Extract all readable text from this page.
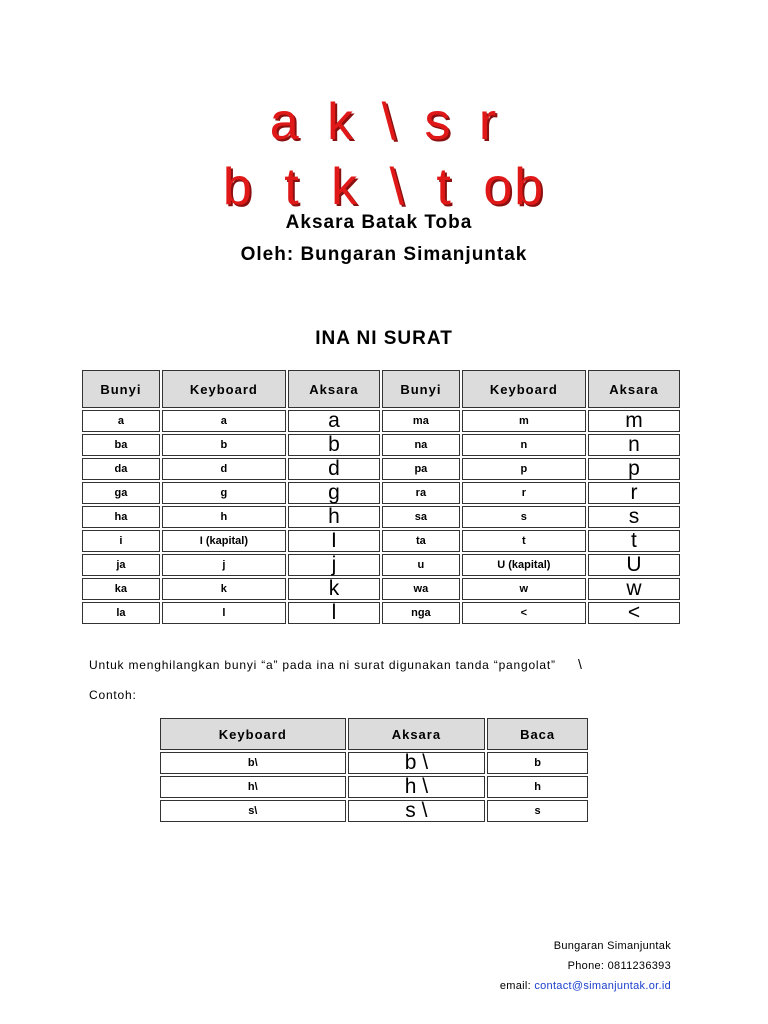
a k \ s r
b t k \ t ob
Aksara Batak Toba
Oleh: Bungaran Simanjuntak
INA NI SURAT
Bunyi	Keyboard	Aksara	Bunyi	Keyboard	Aksara
a	a	a	ma	m	m
ba	b	b	na	n	n
da	d	d	pa	p	p
ga	g	g	ra	r	r
ha	h	h	sa	s	s
i	I (kapital)	I	ta	t	t
ja	j	j	u	U (kapital)	U
ka	k	k	wa	w	w
la	l	l	nga	<	<
Untuk menghilangkan bunyi “a” pada ina ni surat digunakan tanda “pangolat” \
Contoh:
Keyboard	Aksara	Baca
b\	b \	b
h\	h \	h
s\	s \	s
Bungaran Simanjuntak
Phone: 0811236393
email: contact@simanjuntak.or.id
